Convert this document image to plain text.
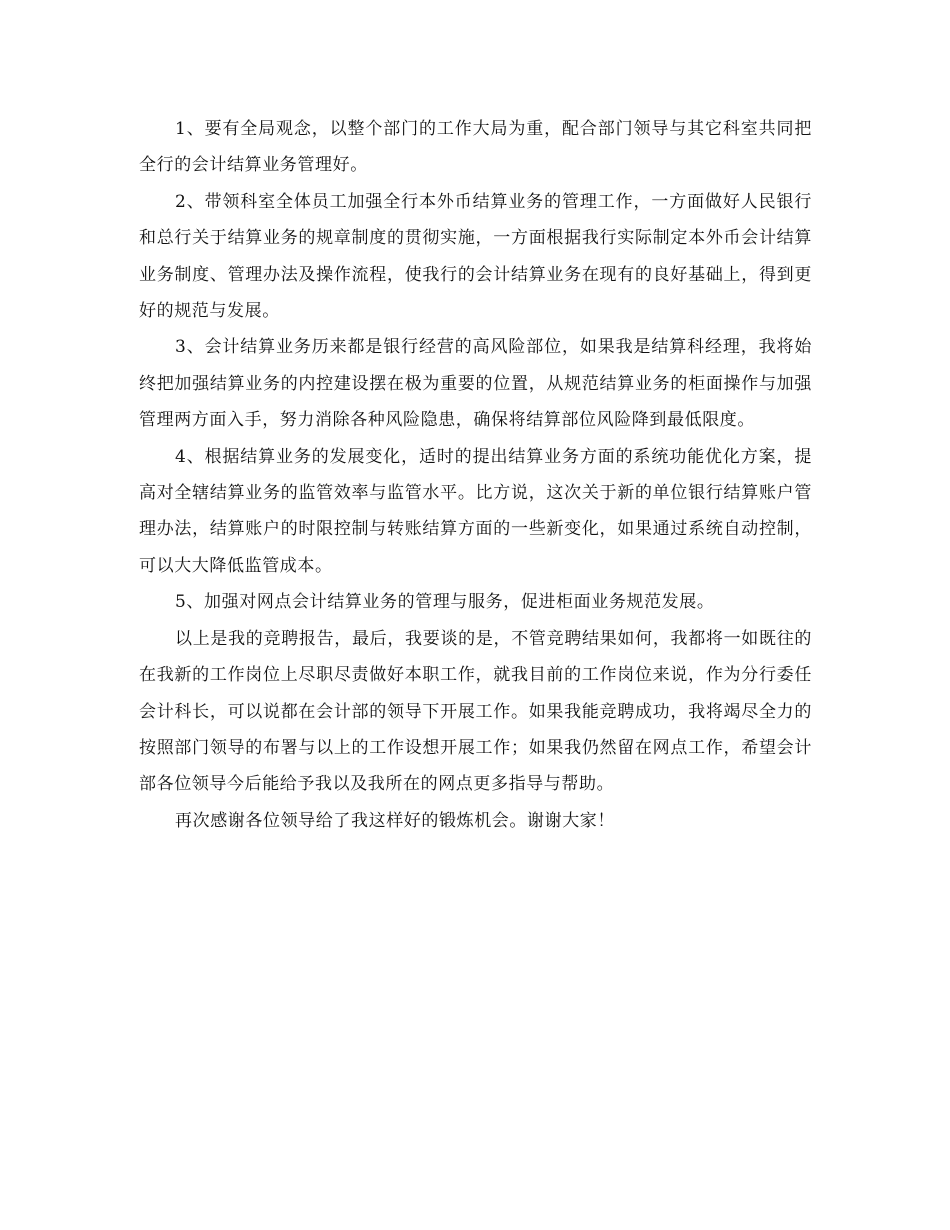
1、要有全局观念，以整个部门的工作大局为重，配合部门领导与其它科室共同把全行的会计结算业务管理好。

2、带领科室全体员工加强全行本外币结算业务的管理工作，一方面做好人民银行和总行关于结算业务的规章制度的贯彻实施，一方面根据我行实际制定本外币会计结算业务制度、管理办法及操作流程，使我行的会计结算业务在现有的良好基础上，得到更好的规范与发展。

3、会计结算业务历来都是银行经营的高风险部位，如果我是结算科经理，我将始终把加强结算业务的内控建设摆在极为重要的位置，从规范结算业务的柜面操作与加强管理两方面入手，努力消除各种风险隐患，确保将结算部位风险降到最低限度。

4、根据结算业务的发展变化，适时的提出结算业务方面的系统功能优化方案，提高对全辖结算业务的监管效率与监管水平。比方说，这次关于新的单位银行结算账户管理办法，结算账户的时限控制与转账结算方面的一些新变化，如果通过系统自动控制，可以大大降低监管成本。

5、加强对网点会计结算业务的管理与服务，促进柜面业务规范发展。

以上是我的竞聘报告，最后，我要谈的是，不管竞聘结果如何，我都将一如既往的在我新的工作岗位上尽职尽责做好本职工作，就我目前的工作岗位来说，作为分行委任会计科长，可以说都在会计部的领导下开展工作。如果我能竞聘成功，我将竭尽全力的按照部门领导的布署与以上的工作设想开展工作；如果我仍然留在网点工作，希望会计部各位领导今后能给予我以及我所在的网点更多指导与帮助。

再次感谢各位领导给了我这样好的锻炼机会。谢谢大家！
